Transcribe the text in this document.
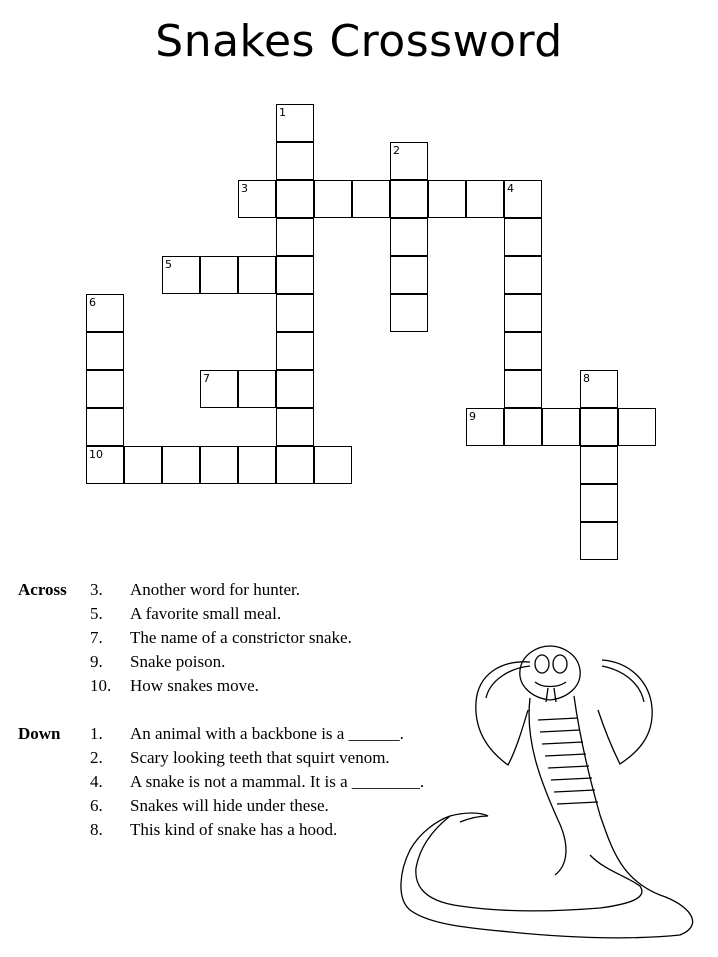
Snakes Crossword
1
2
3	4
5
6
7	8
9
10
Across	3.	Another word for hunter.
5.	A favorite small meal.
7.	The name of a constrictor snake.
9.	Snake poison.
10.	How snakes move.
Down	1.	An animal with a backbone is a ______.
2.	Scary looking teeth that squirt venom.
4.	A snake is not a mammal. It is a ________.
6.	Snakes will hide under these.
8.	This kind of snake has a hood.
